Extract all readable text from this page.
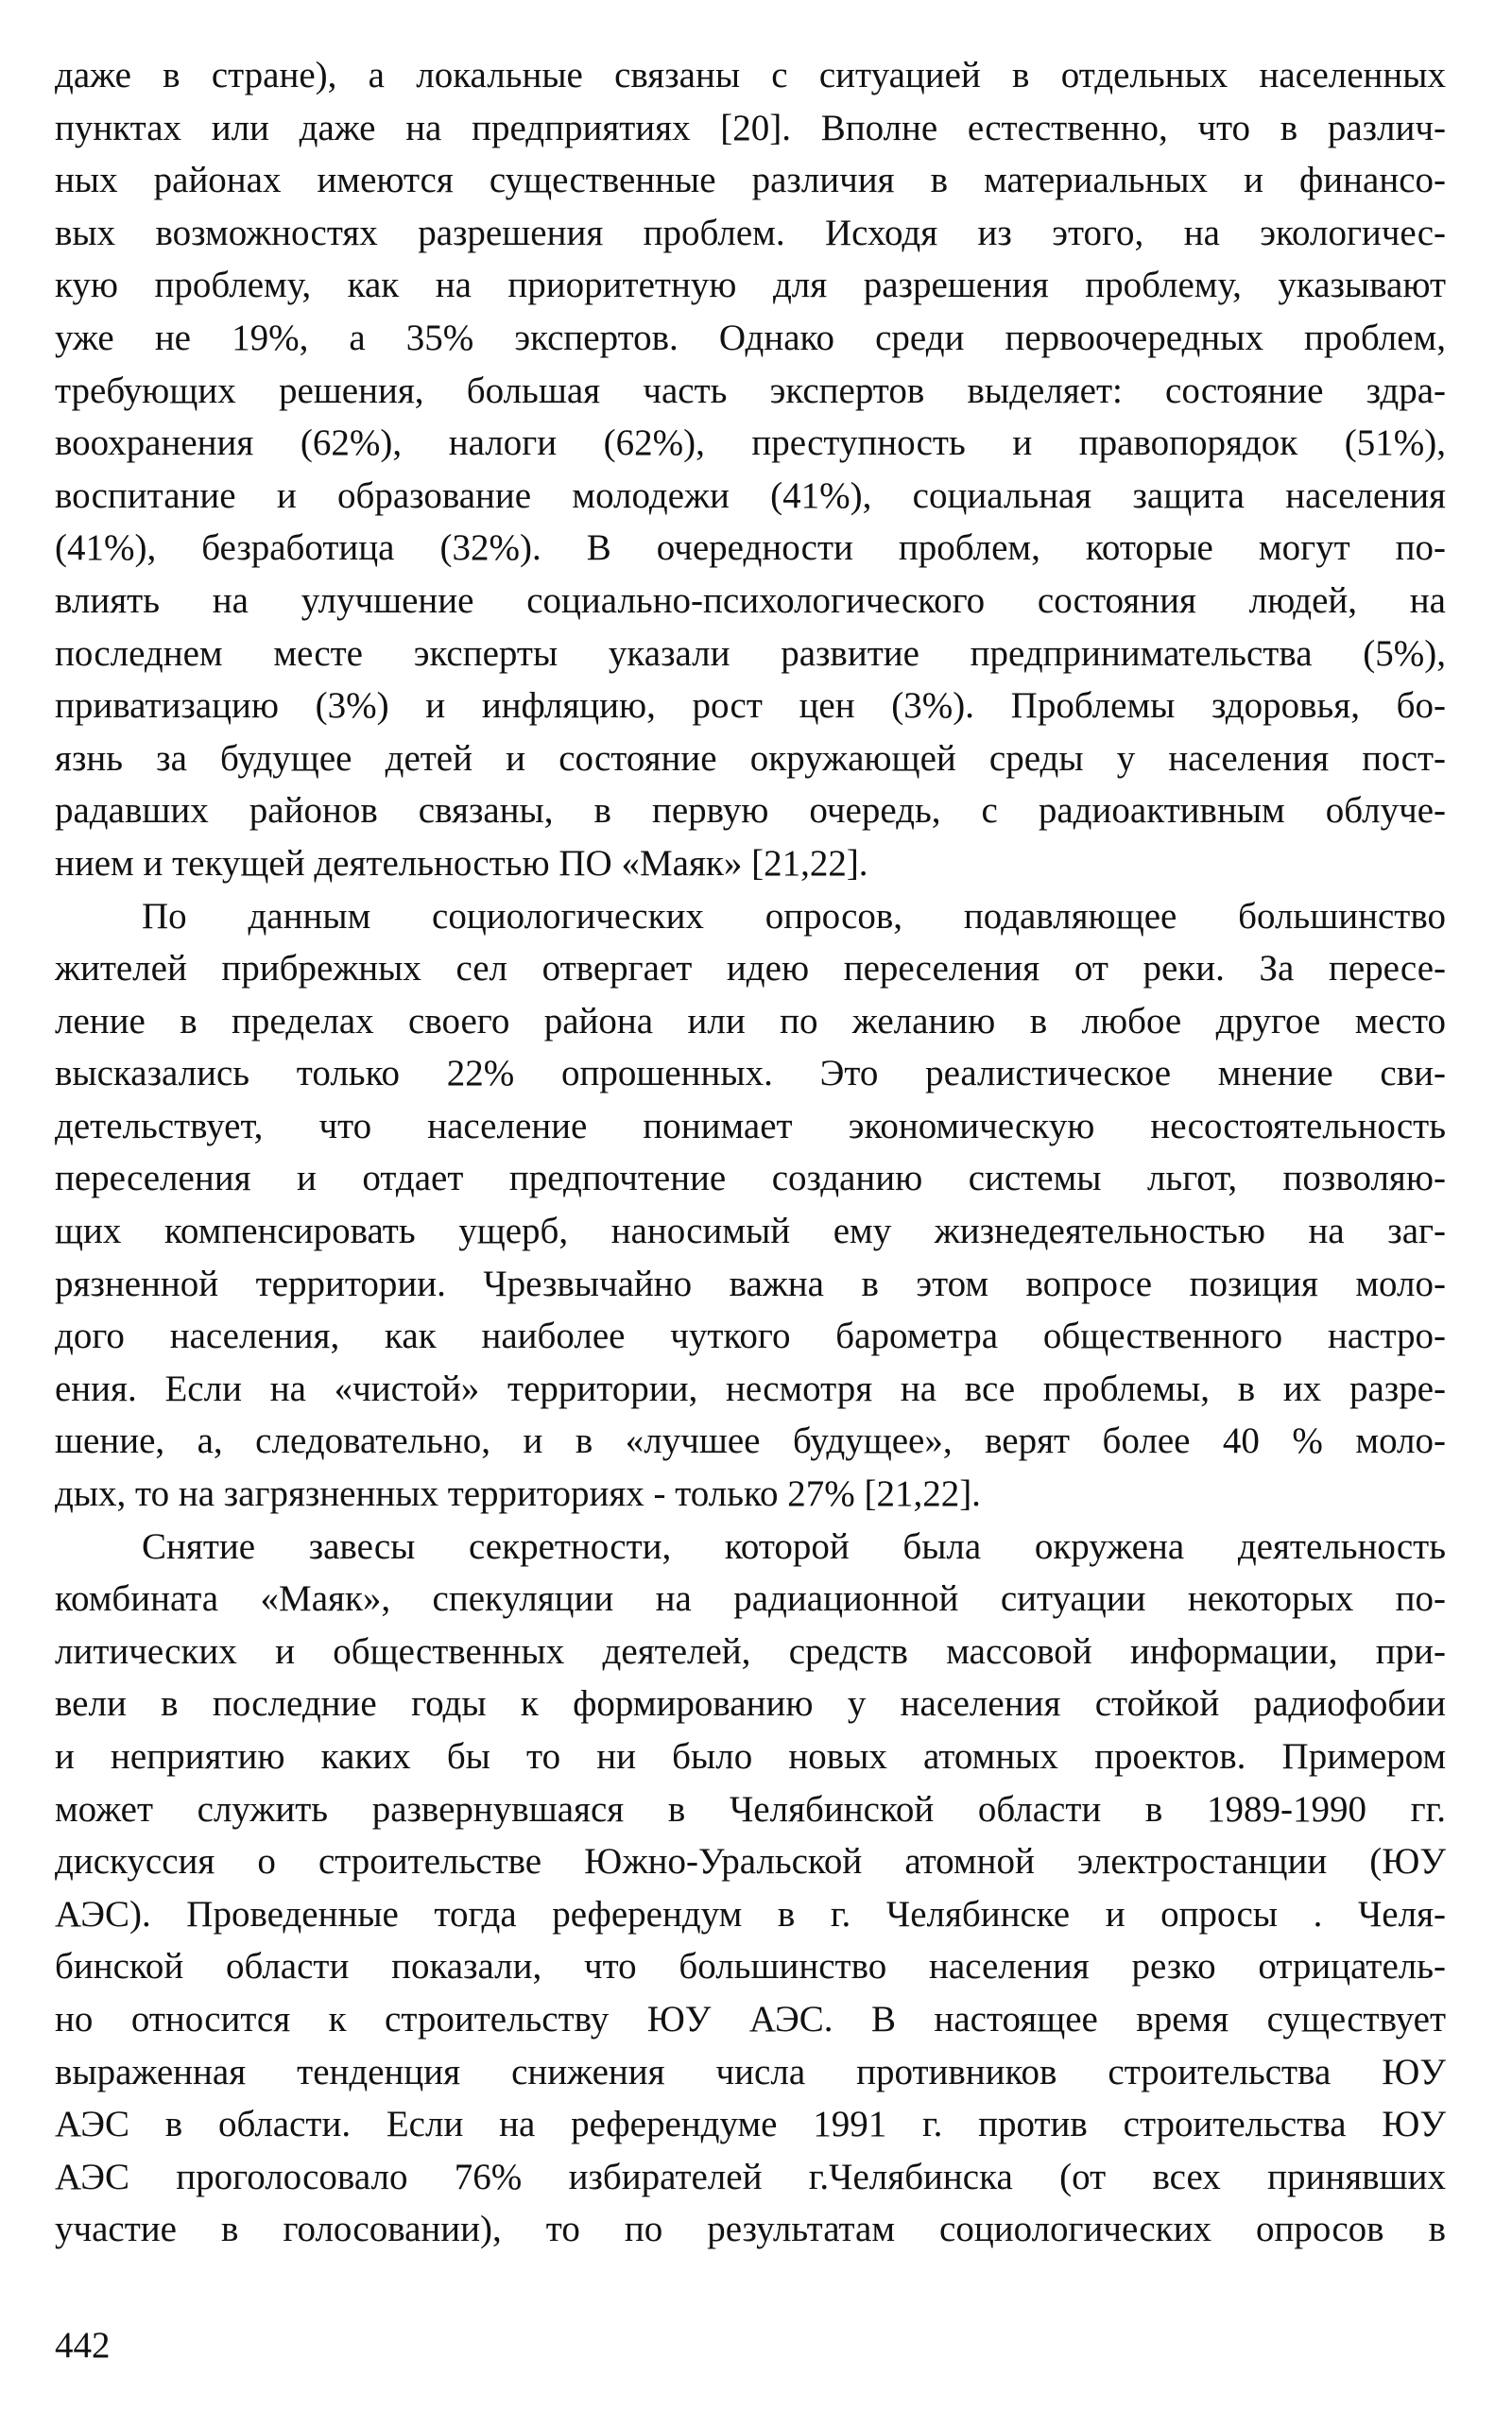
даже в стране), а локальные связаны с ситуацией в отдельных населенных
пунктах или даже на предприятиях [20]. Вполне естественно, что в различ-
ных районах имеются существенные различия в материальных и финансо-
вых возможностях разрешения проблем. Исходя из этого, на экологичес-
кую проблему, как на приоритетную для разрешения проблему, указывают
уже не 19%, а 35% экспертов. Однако среди первоочередных проблем,
требующих решения, большая часть экспертов выделяет: состояние здра-
воохранения (62%), налоги (62%), преступность и правопорядок (51%),
воспитание и образование молодежи (41%), социальная защита населения
(41%), безработица (32%). В очередности проблем, которые могут по-
влиять на улучшение социально-психологического состояния людей, на
последнем месте эксперты указали развитие предпринимательства (5%),
приватизацию (3%) и инфляцию, рост цен (3%). Проблемы здоровья, бо-
язнь за будущее детей и состояние окружающей среды у населения пост-
радавших районов связаны, в первую очередь, с радиоактивным облуче-
нием и текущей деятельностью ПО «Маяк» [21,22].
По данным социологических опросов, подавляющее большинство
жителей прибрежных сел отвергает идею переселения от реки. За пересе-
ление в пределах своего района или по желанию в любое другое место
высказались только 22% опрошенных. Это реалистическое мнение сви-
детельствует, что население понимает экономическую несостоятельность
переселения и отдает предпочтение созданию системы льгот, позволяю-
щих компенсировать ущерб, наносимый ему жизнедеятельностью на заг-
рязненной территории. Чрезвычайно важна в этом вопросе позиция моло-
дого населения, как наиболее чуткого барометра общественного настро-
ения. Если на «чистой» территории, несмотря на все проблемы, в их разре-
шение, а, следовательно, и в «лучшее будущее», верят более 40 % моло-
дых, то на загрязненных территориях - только 27% [21,22].
Снятие завесы секретности, которой была окружена деятельность
комбината «Маяк», спекуляции на радиационной ситуации некоторых по-
литических и общественных деятелей, средств массовой информации, при-
вели в последние годы к формированию у населения стойкой радиофобии
и неприятию каких бы то ни было новых атомных проектов. Примером
может служить развернувшаяся в Челябинской области в 1989-1990 гг.
дискуссия о строительстве Южно-Уральской атомной электростанции (ЮУ
АЭС). Проведенные тогда референдум в г. Челябинске и опросы . Челя-
бинской области показали, что большинство населения резко отрицатель-
но относится к строительству ЮУ АЭС. В настоящее время существует
выраженная тенденция снижения числа противников строительства ЮУ
АЭС в области. Если на референдуме 1991 г. против строительства ЮУ
АЭС проголосовало 76% избирателей г.Челябинска (от всех принявших
участие в голосовании), то по результатам социологических опросов в
442
